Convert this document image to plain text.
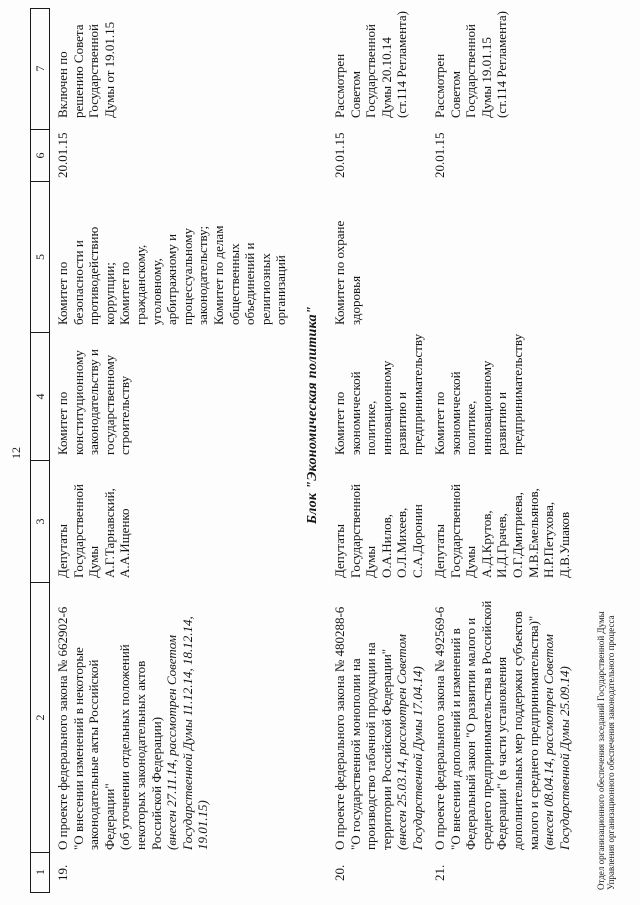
12
1
2
3
4
5
6
7
19.
О проекте федерального закона № 662902-6 "О внесении изменений в некоторые законодательные акты Российской Федерации" (об уточнении отдельных положений некоторых законодательных актов Российской Федерации) (внесен 27.11.14, рассмотрен Советом Государственной Думы 11.12.14, 18.12.14, 19.01.15)
Депутаты Государственной Думы А.Г.Тарнавский, А.А.Ищенко
Комитет по конституционному законодательству и государственному строительству
Комитет по безопасности и противодействию коррупции; Комитет по гражданскому, уголовному, арбитражному и процессуальному законодательству; Комитет по делам общественных объединений и религиозных организаций
20.01.15
Включен по решению Совета Государственной Думы от 19.01.15
20.
О проекте федерального закона № 480288-6 "О государственной монополии на производство табачной продукции на территории Российской Федерации" (внесен 25.03.14, рассмотрен Советом Государственной Думы 17.04.14)
Депутаты Государственной Думы О.А.Нилов, О.Л.Михеев, С.А.Доронин
Комитет по экономической политике, инновационному развитию и предпринимательству
Комитет по охране здоровья
20.01.15
Рассмотрен Советом Государственной Думы 20.10.14 (ст.114 Регламента)
21.
О проекте федерального закона № 492569-6 "О внесении дополнений и изменений в Федеральный закон "О развитии малого и среднего предпринимательства в Российской Федерации" (в части установления дополнительных мер поддержки субъектов малого и среднего предпринимательства)" (внесен 08.04.14, рассмотрен Советом Государственной Думы 25.09.14)
Депутаты Государственной Думы А.Д.Крутов, И.Д.Грачев, О.Г.Дмитриева, М.В.Емельянов, Н.Р.Петухова, Д.В.Ушаков
Комитет по экономической политике, инновационному развитию и предпринимательству
20.01.15
Рассмотрен Советом Государственной Думы 19.01.15 (ст.114 Регламента)
Блок "Экономическая политика"
Отдел организационного обеспечения заседаний Государственной Думы Управления организационного обеспечения законодательного процесса
